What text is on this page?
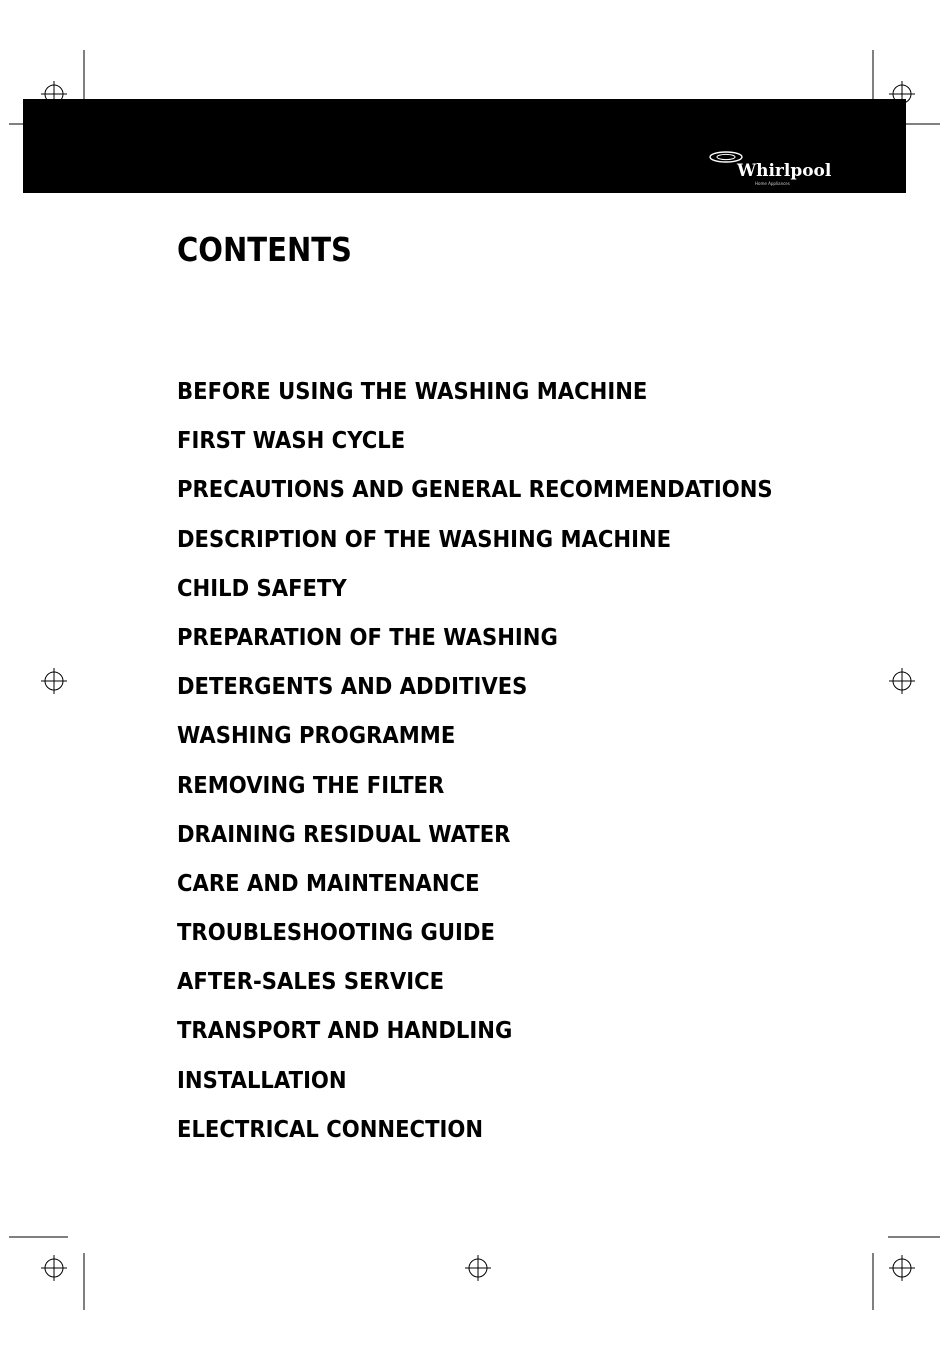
Whirlpool
Home Appliances
CONTENTS
BEFORE USING THE WASHING MACHINE
FIRST WASH CYCLE
PRECAUTIONS AND GENERAL RECOMMENDATIONS
DESCRIPTION OF THE WASHING MACHINE
CHILD SAFETY
PREPARATION OF THE WASHING
DETERGENTS AND ADDITIVES
WASHING PROGRAMME
REMOVING THE FILTER
DRAINING RESIDUAL WATER
CARE AND MAINTENANCE
TROUBLESHOOTING GUIDE
AFTER-SALES SERVICE
TRANSPORT AND HANDLING
INSTALLATION
ELECTRICAL CONNECTION
